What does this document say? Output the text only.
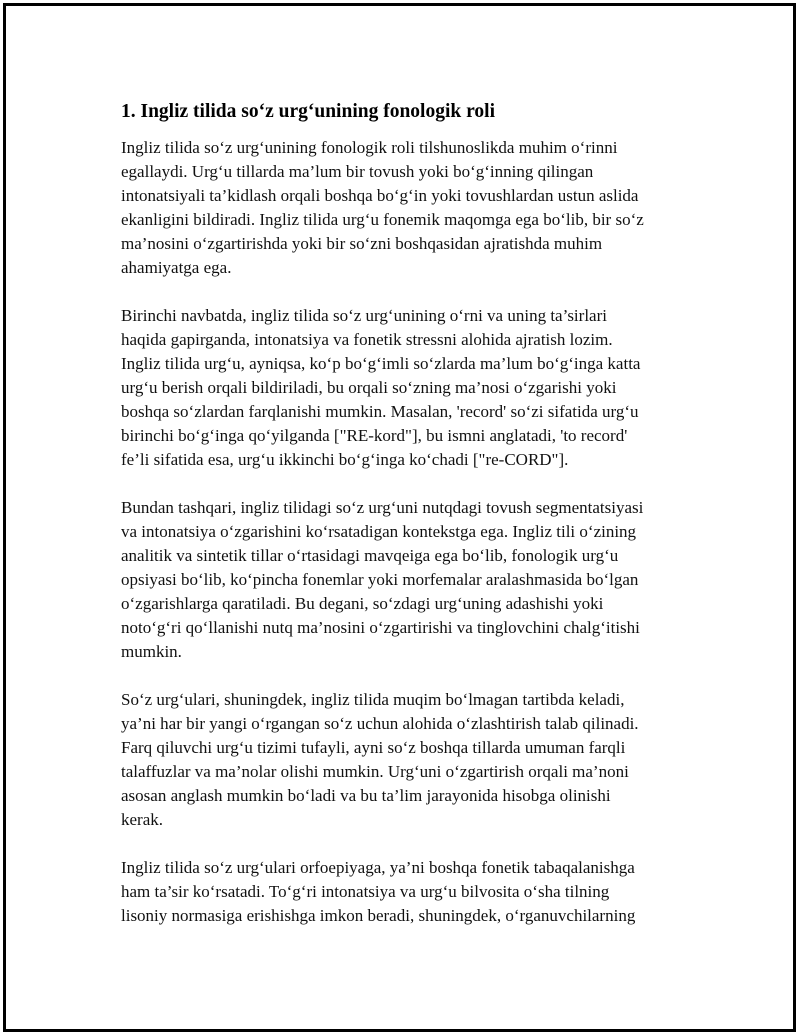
1. Ingliz tilida so‘z urg‘unining fonologik roli

Ingliz tilida so‘z urg‘unining fonologik roli tilshunoslikda muhim o‘rinni
egallaydi. Urg‘u tillarda ma’lum bir tovush yoki bo‘g‘inning qilingan
intonatsiyali ta’kidlash orqali boshqa bo‘g‘in yoki tovushlardan ustun aslida
ekanligini bildiradi. Ingliz tilida urg‘u fonemik maqomga ega bo‘lib, bir so‘z
ma’nosini o‘zgartirishda yoki bir so‘zni boshqasidan ajratishda muhim
ahamiyatga ega.

Birinchi navbatda, ingliz tilida so‘z urg‘unining o‘rni va uning ta’sirlari
haqida gapirganda, intonatsiya va fonetik stressni alohida ajratish lozim.
Ingliz tilida urg‘u, ayniqsa, ko‘p bo‘g‘imli so‘zlarda ma’lum bo‘g‘inga katta
urg‘u berish orqali bildiriladi, bu orqali so‘zning ma’nosi o‘zgarishi yoki
boshqa so‘zlardan farqlanishi mumkin. Masalan, 'record' so‘zi sifatida urg‘u
birinchi bo‘g‘inga qo‘yilganda ["RE-kord"], bu ismni anglatadi, 'to record'
fe’li sifatida esa, urg‘u ikkinchi bo‘g‘inga ko‘chadi ["re-CORD"].

Bundan tashqari, ingliz tilidagi so‘z urg‘uni nutqdagi tovush segmentatsiyasi
va intonatsiya o‘zgarishini ko‘rsatadigan kontekstga ega. Ingliz tili o‘zining
analitik va sintetik tillar o‘rtasidagi mavqeiga ega bo‘lib, fonologik urg‘u
opsiyasi bo‘lib, ko‘pincha fonemlar yoki morfemalar aralashmasida bo‘lgan
o‘zgarishlarga qaratiladi. Bu degani, so‘zdagi urg‘uning adashishi yoki
noto‘g‘ri qo‘llanishi nutq ma’nosini o‘zgartirishi va tinglovchini chalg‘itishi
mumkin.

So‘z urg‘ulari, shuningdek, ingliz tilida muqim bo‘lmagan tartibda keladi,
ya’ni har bir yangi o‘rgangan so‘z uchun alohida o‘zlashtirish talab qilinadi.
Farq qiluvchi urg‘u tizimi tufayli, ayni so‘z boshqa tillarda umuman farqli
talaffuzlar va ma’nolar olishi mumkin. Urg‘uni o‘zgartirish orqali ma’noni
asosan anglash mumkin bo‘ladi va bu ta’lim jarayonida hisobga olinishi
kerak.

Ingliz tilida so‘z urg‘ulari orfoepiyaga, ya’ni boshqa fonetik tabaqalanishga
ham ta’sir ko‘rsatadi. To‘g‘ri intonatsiya va urg‘u bilvosita o‘sha tilning
lisoniy normasiga erishishga imkon beradi, shuningdek, o‘rganuvchilarning
